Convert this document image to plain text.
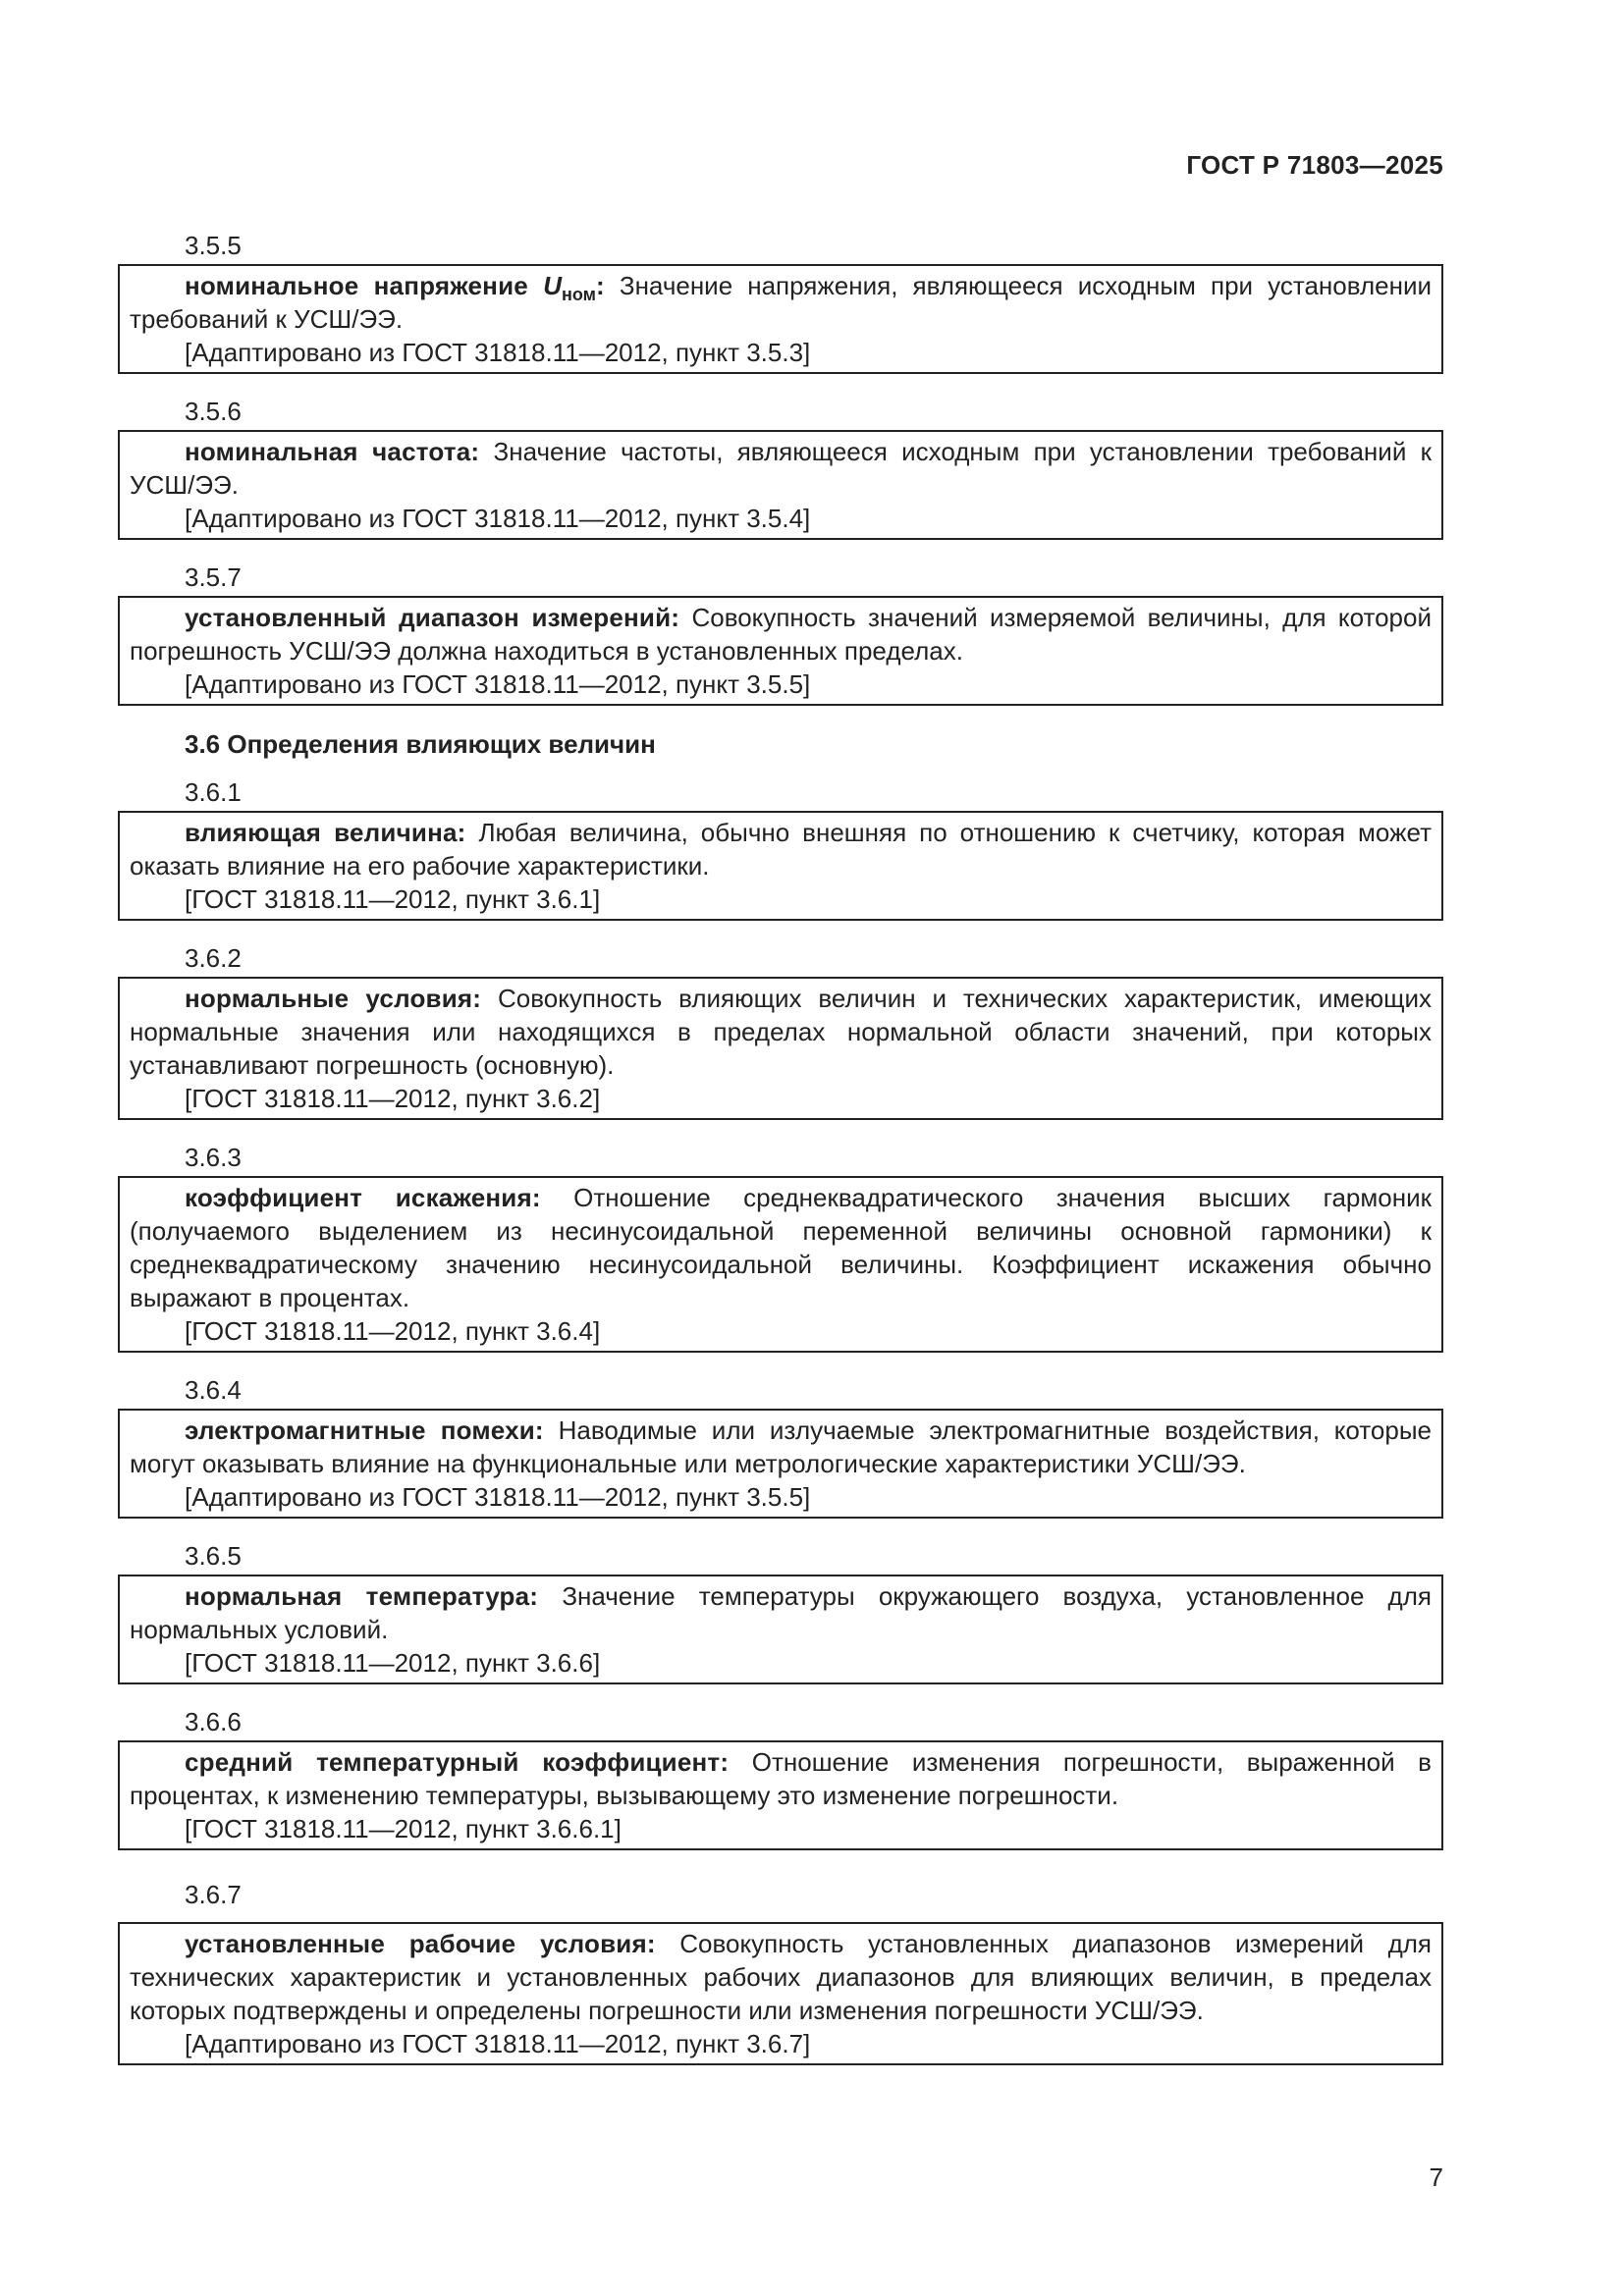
ГОСТ Р 71803—2025
3.5.5

номинальное напряжение $U_{ном}$: Значение напряжения, являющееся исходным при установлении требований к УСШ/ЭЭ.

[Адаптировано из ГОСТ 31818.11—2012, пункт 3.5.3]

3.5.6

номинальная частота: Значение частоты, являющееся исходным при установлении требований к УСШ/ЭЭ.

[Адаптировано из ГОСТ 31818.11—2012, пункт 3.5.4]

3.5.7

установленный диапазон измерений: Совокупность значений измеряемой величины, для которой погрешность УСШ/ЭЭ должна находиться в установленных пределах.

[Адаптировано из ГОСТ 31818.11—2012, пункт 3.5.5]

3.6 Определения влияющих величин
3.6.1

влияющая величина: Любая величина, обычно внешняя по отношению к счетчику, которая может оказать влияние на его рабочие характеристики.

[ГОСТ 31818.11—2012, пункт 3.6.1]

3.6.2

нормальные условия: Совокупность влияющих величин и технических характеристик, имеющих нормальные значения или находящихся в пределах нормальной области значений, при которых устанавливают погрешность (основную).

[ГОСТ 31818.11—2012, пункт 3.6.2]

3.6.3

коэффициент искажения: Отношение среднеквадратического значения высших гармоник (получаемого выделением из несинусоидальной переменной величины основной гармоники) к среднеквадратическому значению несинусоидальной величины. Коэффициент искажения обычно выражают в процентах.

[ГОСТ 31818.11—2012, пункт 3.6.4]

3.6.4

электромагнитные помехи: Наводимые или излучаемые электромагнитные воздействия, которые могут оказывать влияние на функциональные или метрологические характеристики УСШ/ЭЭ.

[Адаптировано из ГОСТ 31818.11—2012, пункт 3.5.5]

3.6.5

нормальная температура: Значение температуры окружающего воздуха, установленное для нормальных условий.

[ГОСТ 31818.11—2012, пункт 3.6.6]

3.6.6

средний температурный коэффициент: Отношение изменения погрешности, выраженной в процентах, к изменению температуры, вызывающему это изменение погрешности.

[ГОСТ 31818.11—2012, пункт 3.6.6.1]

3.6.7

установленные рабочие условия: Совокупность установленных диапазонов измерений для технических характеристик и установленных рабочих диапазонов для влияющих величин, в пределах которых подтверждены и определены погрешности или изменения погрешности УСШ/ЭЭ.

[Адаптировано из ГОСТ 31818.11—2012, пункт 3.6.7]

7
